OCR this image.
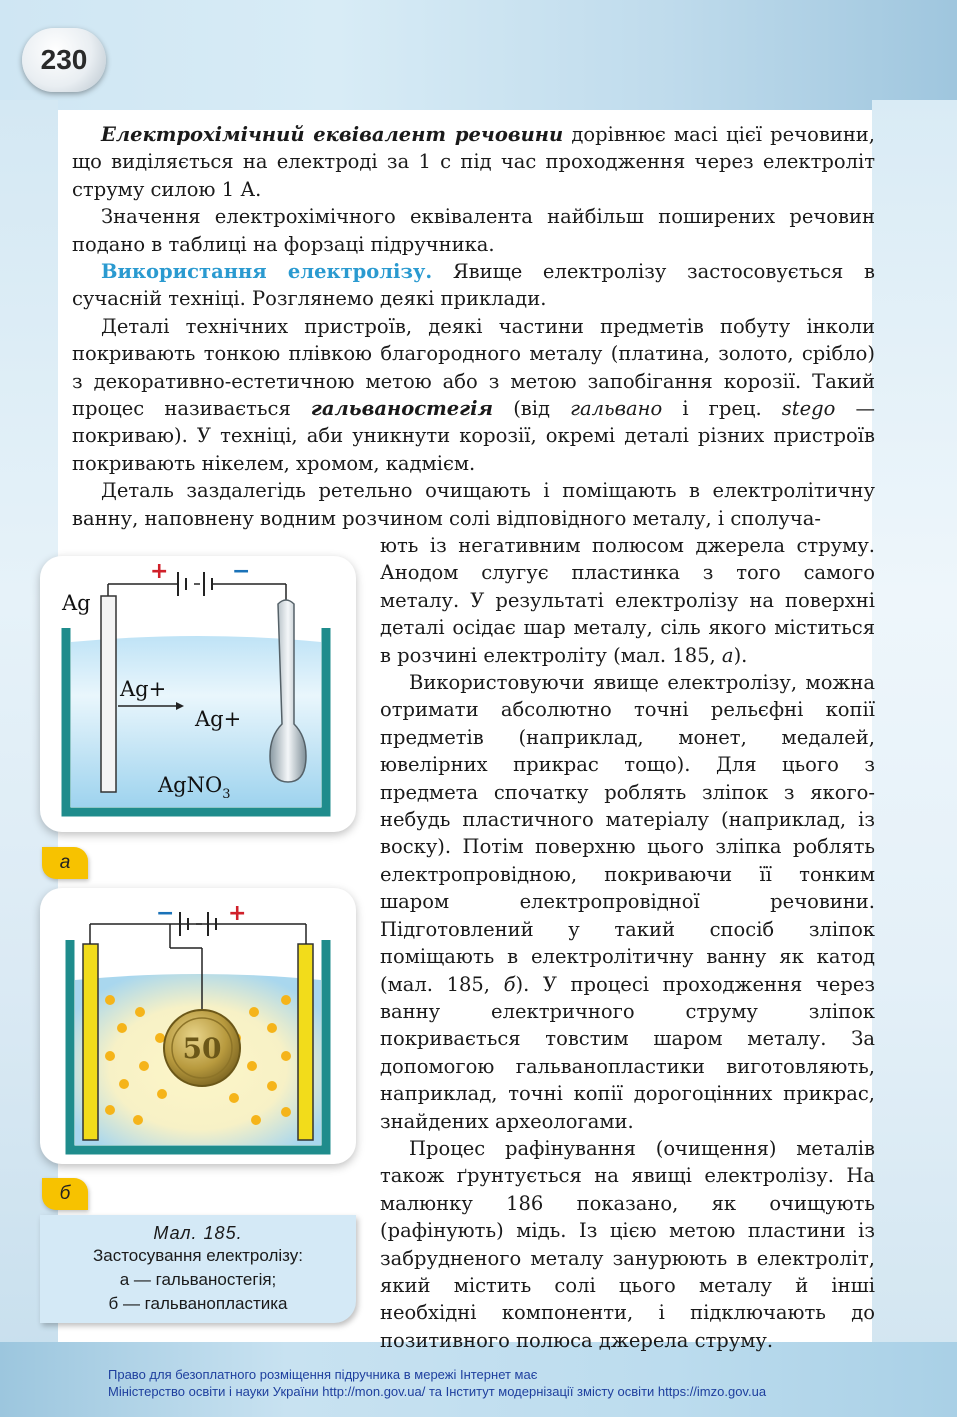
230

Електрохімічний еквівалент речовини дорівнює масі цієї речовини, що виділяється на електроді за 1 с під час проходження через електроліт струму силою 1 А.

Значення електрохімічного еквівалента найбільш поширених речовин подано в таблиці на форзаці підручника.

Використання електролізу. Явище електролізу застосовується в сучасній техніці. Розглянемо деякі приклади.

Деталі технічних пристроїв, деякі частини предметів побуту інколи покривають тонкою плівкою благородного металу (платина, золото, срібло) з декоративно-естетичною метою або з метою запобігання корозії. Такий процес називається гальваностегія (від гальвано і грец. stego — покриваю). У техніці, аби уникнути корозії, окремі деталі різних пристроїв покривають нікелем, хромом, кадмієм.

Деталь заздалегідь ретельно очищають і поміщають в електролітичну ванну, наповнену водним розчином солі відповідного металу, і сполуча-

ють із негативним полюсом джерела струму. Анодом слугує пластинка з того самого металу. У результаті електролізу на поверхні деталі осідає шар металу, сіль якого міститься в розчині електроліту (мал. 185, а).

Використовуючи явище електролізу, можна отримати абсолютно точні рельєфні копії предметів (наприклад, монет, медалей, ювелірних прикрас тощо). Для цього з предмета спочатку роблять зліпок з якого-небудь пластичного матеріалу (наприклад, із воску). Потім поверхню цього зліпка роблять електропровідною, покриваючи її тонким шаром електропровідної речовини. Підготовлений у такий спосіб зліпок поміщають в електролітичну ванну як катод (мал. 185, б). У процесі проходження через ванну електричного струму зліпок покривається товстим шаром металу. За допомогою гальванопластики виготовляють, наприклад, точні копії дорогоцінних прикрас, знайдених археологами.

Процес рафінування (очищення) металів також ґрунтується на явищі електролізу. На малюнку 186 показано, як очищують (рафінують) мідь. Із цією метою пластини із забрудненого металу занурюють в електроліт, який містить солі цього металу й інші необхідні компоненти, і підключають до позитивного полюса джерела струму.

+	−
Ag
Ag+
Ag+
AgNO$_3$
а
− +
50
б
Мал. 185.
Застосування електролізу:
а — гальваностегія;
б — гальванопластика
Право для безоплатного розміщення підручника в мережі Інтернет має
Міністерство освіти і науки України http://mon.gov.ua/ та Інститут модернізації змісту освіти https://imzo.gov.ua
